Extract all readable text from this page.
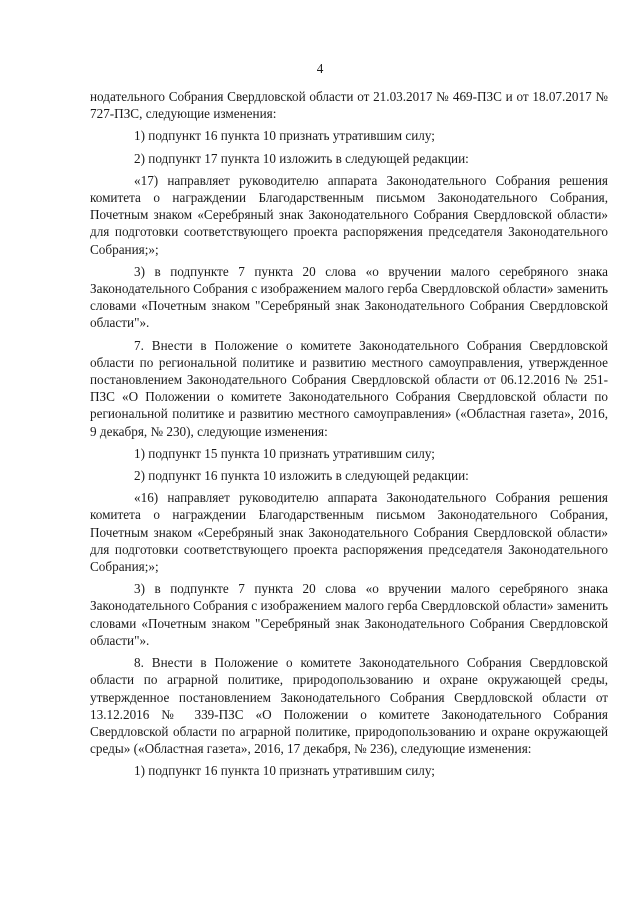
4

нодательного Собрания Свердловской области от 21.03.2017 № 469-ПЗС и от 18.07.2017 № 727-ПЗС, следующие изменения:

1) подпункт 16 пункта 10 признать утратившим силу;

2) подпункт 17 пункта 10 изложить в следующей редакции:

«17) направляет руководителю аппарата Законодательного Собрания решения комитета о награждении Благодарственным письмом Законодательного Собрания, Почетным знаком «Серебряный знак Законодательного Собрания Свердловской области» для подготовки соответствующего проекта распоряжения председателя Законодательного Собрания;»;

3) в подпункте 7 пункта 20 слова «о вручении малого серебряного знака Законодательного Собрания с изображением малого герба Свердловской области» заменить словами «Почетным знаком "Серебряный знак Законодательного Собрания Свердловской области"».

7. Внести в Положение о комитете Законодательного Собрания Свердловской области по региональной политике и развитию местного самоуправления, утвержденное постановлением Законодательного Собрания Свердловской области от 06.12.2016 № 251-ПЗС «О Положении о комитете Законодательного Собрания Свердловской области по региональной политике и развитию местного самоуправления» («Областная газета», 2016, 9 декабря, № 230), следующие изменения:

1) подпункт 15 пункта 10 признать утратившим силу;

2) подпункт 16 пункта 10 изложить в следующей редакции:

«16) направляет руководителю аппарата Законодательного Собрания решения комитета о награждении Благодарственным письмом Законодательного Собрания, Почетным знаком «Серебряный знак Законодательного Собрания Свердловской области» для подготовки соответствующего проекта распоряжения председателя Законодательного Собрания;»;

3) в подпункте 7 пункта 20 слова «о вручении малого серебряного знака Законодательного Собрания с изображением малого герба Свердловской области» заменить словами «Почетным знаком "Серебряный знак Законодательного Собрания Свердловской области"».

8. Внести в Положение о комитете Законодательного Собрания Свердловской области по аграрной политике, природопользованию и охране окружающей среды, утвержденное постановлением Законодательного Собрания Свердловской области от 13.12.2016 № 339-ПЗС «О Положении о комитете Законодательного Собрания Свердловской области по аграрной политике, природопользованию и охране окружающей среды» («Областная газета», 2016, 17 декабря, № 236), следующие изменения:

1) подпункт 16 пункта 10 признать утратившим силу;
